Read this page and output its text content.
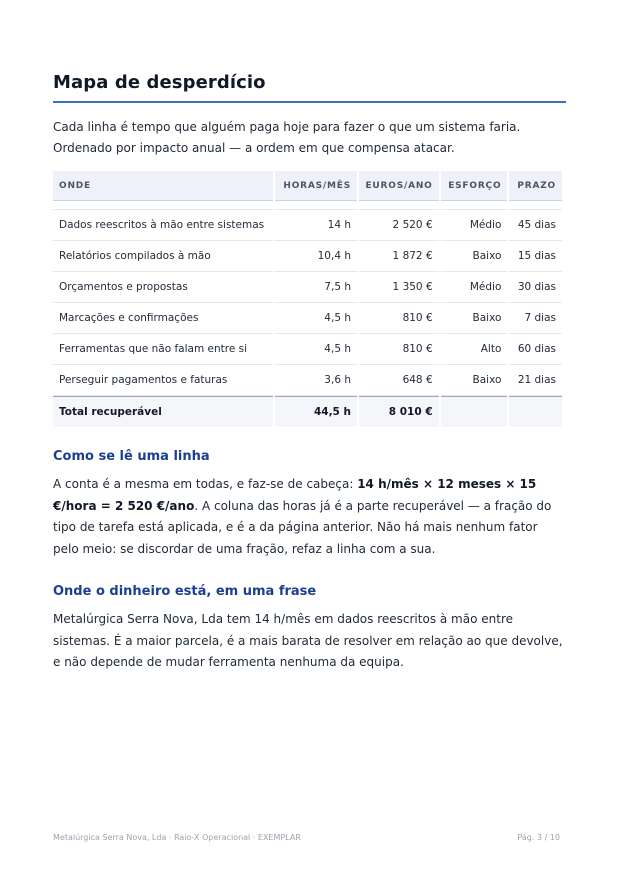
Mapa de desperdício
Cada linha é tempo que alguém paga hoje para fazer o que um sistema faria. Ordenado por impacto anual — a ordem em que compensa atacar.
ONDE	HORAS/MÊS	EUROS/ANO	ESFORÇO	PRAZO

Dados reescritos à mão entre sistemas	14 h	2 520 €	Médio	45 dias
Relatórios compilados à mão	10,4 h	1 872 €	Baixo	15 dias
Orçamentos e propostas	7,5 h	1 350 €	Médio	30 dias
Marcações e confirmações	4,5 h	810 €	Baixo	7 dias
Ferramentas que não falam entre si	4,5 h	810 €	Alto	60 dias
Perseguir pagamentos e faturas	3,6 h	648 €	Baixo	21 dias
Total recuperável	44,5 h	8 010 €		
Como se lê uma linha

A conta é a mesma em todas, e faz-se de cabeça: 14 h/mês × 12 meses × 15 €/hora = 2 520 €/ano. A coluna das horas já é a parte recuperável — a fração do tipo de tarefa está aplicada, e é a da página anterior. Não há mais nenhum fator pelo meio: se discordar de uma fração, refaz a linha com a sua.

Onde o dinheiro está, em uma frase

Metalúrgica Serra Nova, Lda tem 14 h/mês em dados reescritos à mão entre sistemas. É a maior parcela, é a mais barata de resolver em relação ao que devolve, e não depende de mudar ferramenta nenhuma da equipa.

Metalúrgica Serra Nova, Lda · Raio-X Operacional · EXEMPLAR	Pág. 3 / 10
